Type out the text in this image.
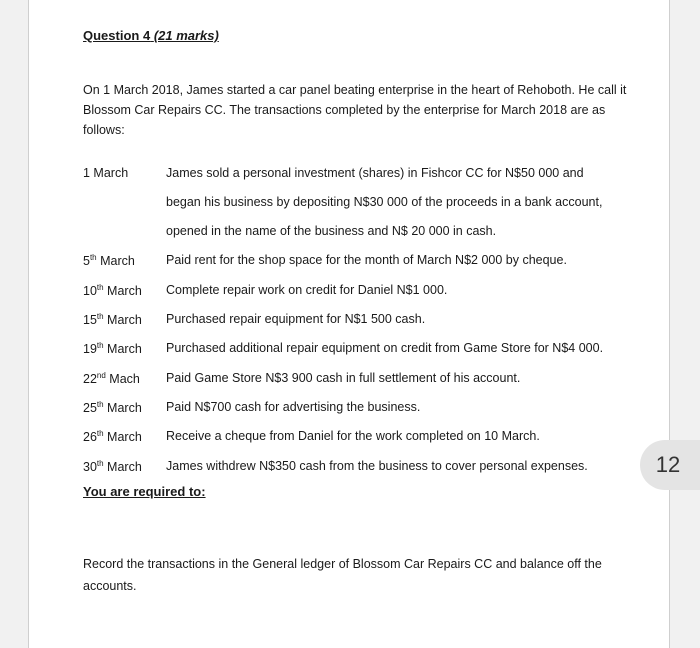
Question 4 (21 marks)
On 1 March 2018, James started a car panel beating enterprise in the heart of Rehoboth. He call it Blossom Car Repairs CC. The transactions completed by the enterprise for March 2018 are as follows:
1 March	James sold a personal investment (shares) in Fishcor CC for N$50 000 and
began his business by depositing N$30 000 of the proceeds in a bank account,
opened in the name of the business and N$ 20 000 in cash.
5th March	Paid rent for the shop space for the month of March N$2 000 by cheque.
10th March	Complete repair work on credit for Daniel N$1 000.
15th March	Purchased repair equipment for N$1 500 cash.
19th March	Purchased additional repair equipment on credit from Game Store for N$4 000.
22nd Mach	Paid Game Store N$3 900 cash in full settlement of his account.
25th March	Paid N$700 cash for advertising the business.
26th March	Receive a cheque from Daniel for the work completed on 10 March.
30th March	James withdrew N$350 cash from the business to cover personal expenses.
You are required to:
Record the transactions in the General ledger of Blossom Car Repairs CC and balance off the accounts.
12
